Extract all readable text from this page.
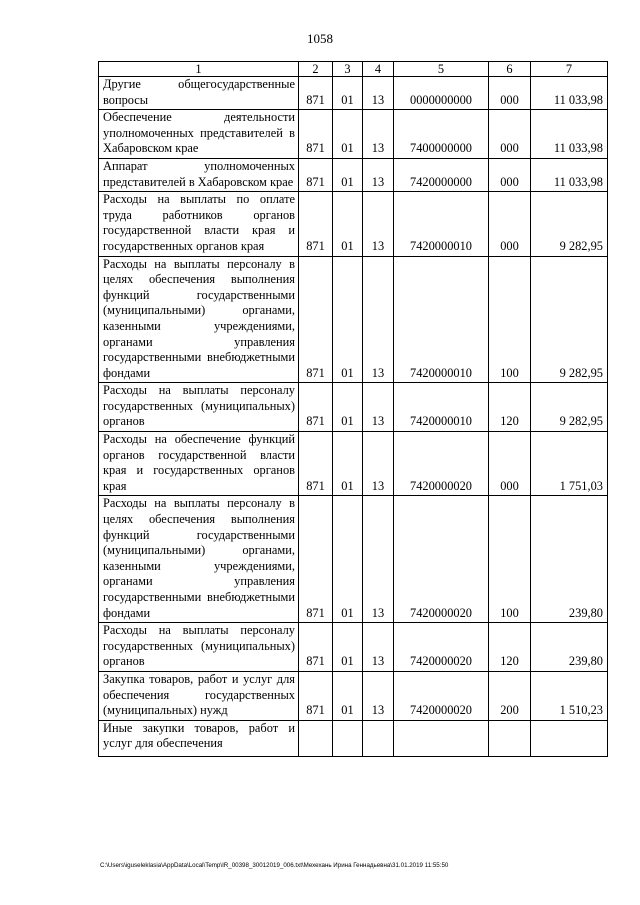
1058
1	2	3	4	5	6	7
Другие общегосударственные вопросы	871	01	13	0000000000	000	11 033,98
Обеспечение деятельности уполномоченных представителей в Хабаровском крае	871	01	13	7400000000	000	11 033,98
Аппарат уполномоченных представителей в Хабаровском крае	871	01	13	7420000000	000	11 033,98
Расходы на выплаты по оплате труда работников органов государственной власти края и государственных органов края	871	01	13	7420000010	000	9 282,95
Расходы на выплаты персоналу в целях обеспечения выполнения функций государственными (муниципальными) органами, казенными учреждениями, органами управления государственными внебюджетными фондами	871	01	13	7420000010	100	9 282,95
Расходы на выплаты персоналу государственных (муниципальных) органов	871	01	13	7420000010	120	9 282,95
Расходы на обеспечение функций органов государственной власти края и государственных органов края	871	01	13	7420000020	000	1 751,03
Расходы на выплаты персоналу в целях обеспечения выполнения функций государственными (муниципальными) органами, казенными учреждениями, органами управления государственными внебюджетными фондами	871	01	13	7420000020	100	239,80
Расходы на выплаты персоналу государственных (муниципальных) органов	871	01	13	7420000020	120	239,80
Закупка товаров, работ и услуг для обеспечения государственных (муниципальных) нужд	871	01	13	7420000020	200	1 510,23
Иные закупки товаров, работ и услуг для обеспечения						
C:\Users\iguseleklasia\AppData\Local\Temp\IR_00398_30012019_006.txt\Мехехань Ирина Геннадьевна\31.01.2019 11:55:50
